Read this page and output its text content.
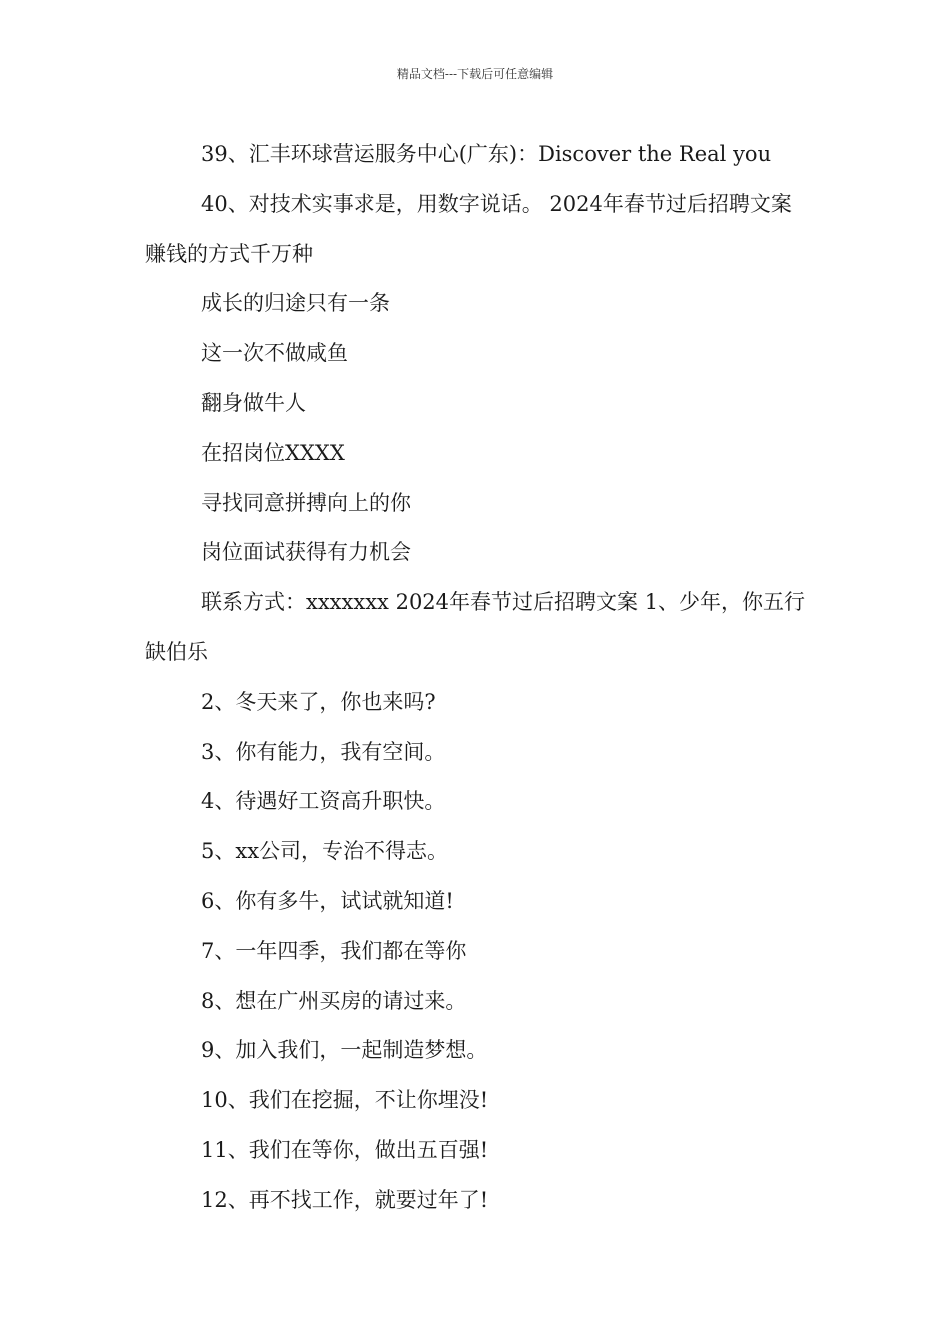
精品文档---下载后可任意编辑

39、汇丰环球营运服务中心(广东)：Discover the Real you

40、对技术实事求是，用数字说话。 2024年春节过后招聘文案 赚钱的方式千万种

成长的归途只有一条

这一次不做咸鱼

翻身做牛人

在招岗位XXXX

寻找同意拼搏向上的你

岗位面试获得有力机会

联系方式：xxxxxxx 2024年春节过后招聘文案 1、少年，你五行缺伯乐

2、冬天来了，你也来吗?

3、你有能力，我有空间。

4、待遇好工资高升职快。

5、xx公司，专治不得志。

6、你有多牛，试试就知道!

7、一年四季，我们都在等你

8、想在广州买房的请过来。

9、加入我们，一起制造梦想。

10、我们在挖掘，不让你埋没!

11、我们在等你，做出五百强!

12、再不找工作，就要过年了!
